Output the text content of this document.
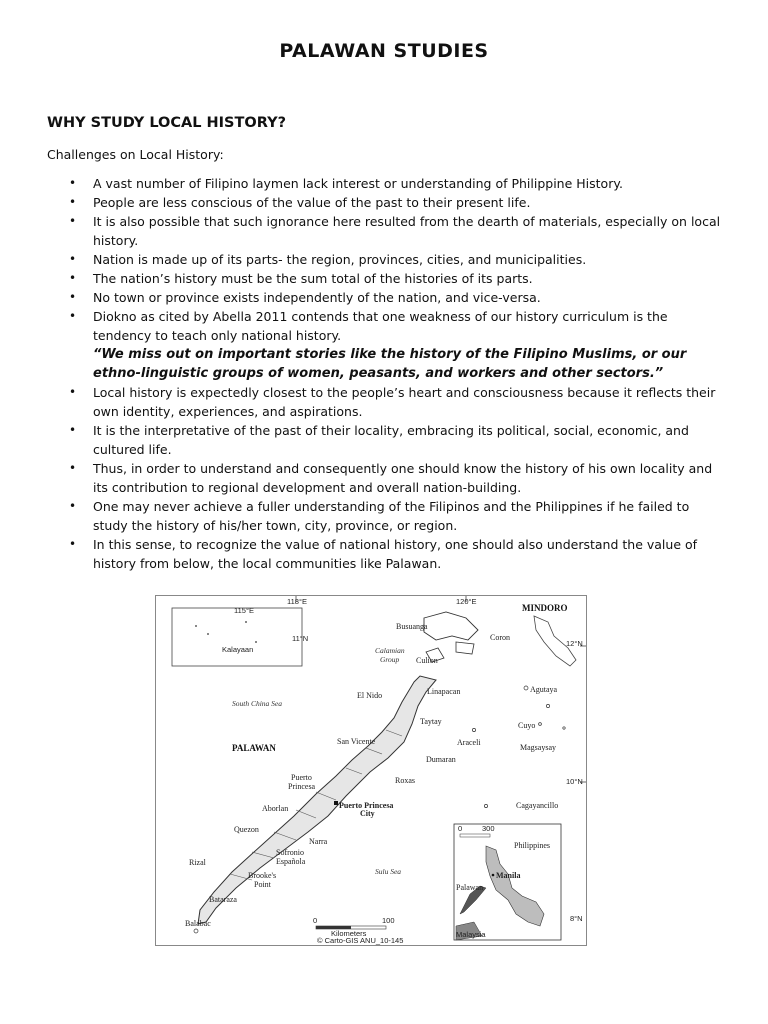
PALAWAN STUDIES
WHY STUDY LOCAL HISTORY?
Challenges on Local History:
• A vast number of Filipino laymen lack interest or understanding of Philippine History.
• People are less conscious of the value of the past to their present life.
• It is also possible that such ignorance here resulted from the dearth of materials, especially on local history.
• Nation is made up of its parts- the region, provinces, cities, and municipalities.
• The nation’s history must be the sum total of the histories of its parts.
• No town or province exists independently of the nation, and vice-versa.
• Diokno as cited by Abella 2011 contends that one weakness of our history curriculum is the tendency to teach only national history.
“We miss out on important stories like the history of the Filipino Muslims, or our ethno-linguistic groups of women, peasants, and workers and other sectors.”
• Local history is expectedly closest to the people’s heart and consciousness because it reflects their own identity, experiences, and aspirations.
• It is the interpretative of the past of their locality, embracing its political, social, economic, and cultured life.
• Thus, in order to understand and consequently one should know the history of his own locality and its contribution to regional development and overall nation-building.
• One may never achieve a fuller understanding of the Filipinos and the Philippines if he failed to study the history of his/her town, city, province, or region.
• In this sense, to recognize the value of national history, one should also understand the value of history from below, the local communities like Palawan.
118°E	120°E
12°N
10°N
8°N
115°E
11°N
Kalayaan
MINDORO
Busuanga
Coron
Calamian
Group Culion
El Nido	Linapacan	Agutaya
South China Sea
Taytay	Cuyo
PALAWAN
San Vicente	Araceli
Magsaysay
Dumaran
Roxas
Puerto
Princesa
Aborlan	Puerto Princesa
City
Cagayancillo
Quezon
Narra
Rizal
Sofronio
Española
Brooke's
Point
Sulu Sea
Bataraza
Balabac	0	100
Kilometers
© Carto-GIS ANU_10-145
0	300
Philippines
Manila
Palawan
Malaysia
